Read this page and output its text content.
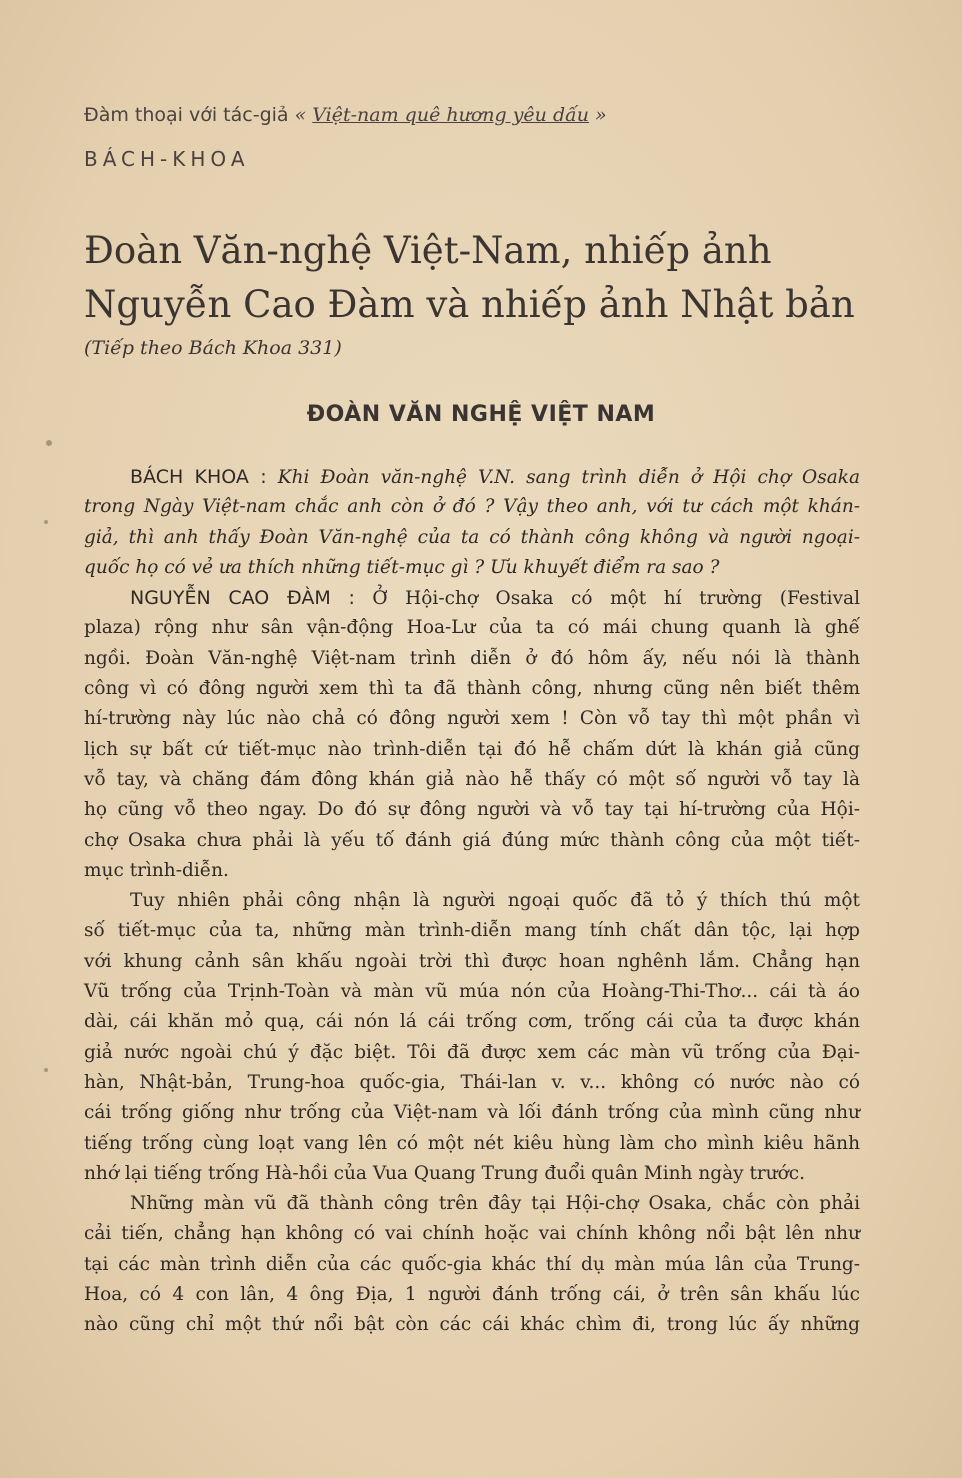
Đàm thoại với tác-giả « Việt-nam quê hương yêu dấu »
BÁCH-KHOA
Đoàn Văn-nghệ Việt-Nam, nhiếp ảnh
Nguyễn Cao Đàm và nhiếp ảnh Nhật bản
(Tiếp theo Bách Khoa 331)
ĐOÀN VĂN NGHỆ VIỆT NAM
BÁCH KHOA : Khi Đoàn văn-nghệ V.N. sang trình diễn ở Hội chợ Osaka
trong Ngày Việt-nam chắc anh còn ở đó ? Vậy theo anh, với tư cách một khán-
giả, thì anh thấy Đoàn Văn-nghệ của ta có thành công không và người ngoại-
quốc họ có vẻ ưa thích những tiết-mục gì ? Ưu khuyết điểm ra sao ?
NGUYỄN CAO ĐÀM : Ở Hội-chợ Osaka có một hí trường (Festival
plaza) rộng như sân vận-động Hoa-Lư của ta có mái chung quanh là ghế
ngồi. Đoàn Văn-nghệ Việt-nam trình diễn ở đó hôm ấy, nếu nói là thành
công vì có đông người xem thì ta đã thành công, nhưng cũng nên biết thêm
hí-trường này lúc nào chả có đông người xem ! Còn vỗ tay thì một phần vì
lịch sự bất cứ tiết-mục nào trình-diễn tại đó hễ chấm dứt là khán giả cũng
vỗ tay, và chăng đám đông khán giả nào hễ thấy có một số người vỗ tay là
họ cũng vỗ theo ngay. Do đó sự đông người và vỗ tay tại hí-trường của Hội-
chợ Osaka chưa phải là yếu tố đánh giá đúng mức thành công của một tiết-
mục trình-diễn.
Tuy nhiên phải công nhận là người ngoại quốc đã tỏ ý thích thú một
số tiết-mục của ta, những màn trình-diễn mang tính chất dân tộc, lại hợp
với khung cảnh sân khấu ngoài trời thì được hoan nghênh lắm. Chẳng hạn
Vũ trống của Trịnh-Toàn và màn vũ múa nón của Hoàng-Thi-Thơ... cái tà áo
dài, cái khăn mỏ quạ, cái nón lá cái trống cơm, trống cái của ta được khán
giả nước ngoài chú ý đặc biệt. Tôi đã được xem các màn vũ trống của Đại-
hàn, Nhật-bản, Trung-hoa quốc-gia, Thái-lan v. v... không có nước nào có
cái trống giống như trống của Việt-nam và lối đánh trống của mình cũng như
tiếng trống cùng loạt vang lên có một nét kiêu hùng làm cho mình kiêu hãnh
nhớ lại tiếng trống Hà-hồi của Vua Quang Trung đuổi quân Minh ngày trước.
Những màn vũ đã thành công trên đây tại Hội-chợ Osaka, chắc còn phải
cải tiến, chẳng hạn không có vai chính hoặc vai chính không nổi bật lên như
tại các màn trình diễn của các quốc-gia khác thí dụ màn múa lân của Trung-
Hoa, có 4 con lân, 4 ông Địa, 1 người đánh trống cái, ở trên sân khấu lúc
nào cũng chỉ một thứ nổi bật còn các cái khác chìm đi, trong lúc ấy những
